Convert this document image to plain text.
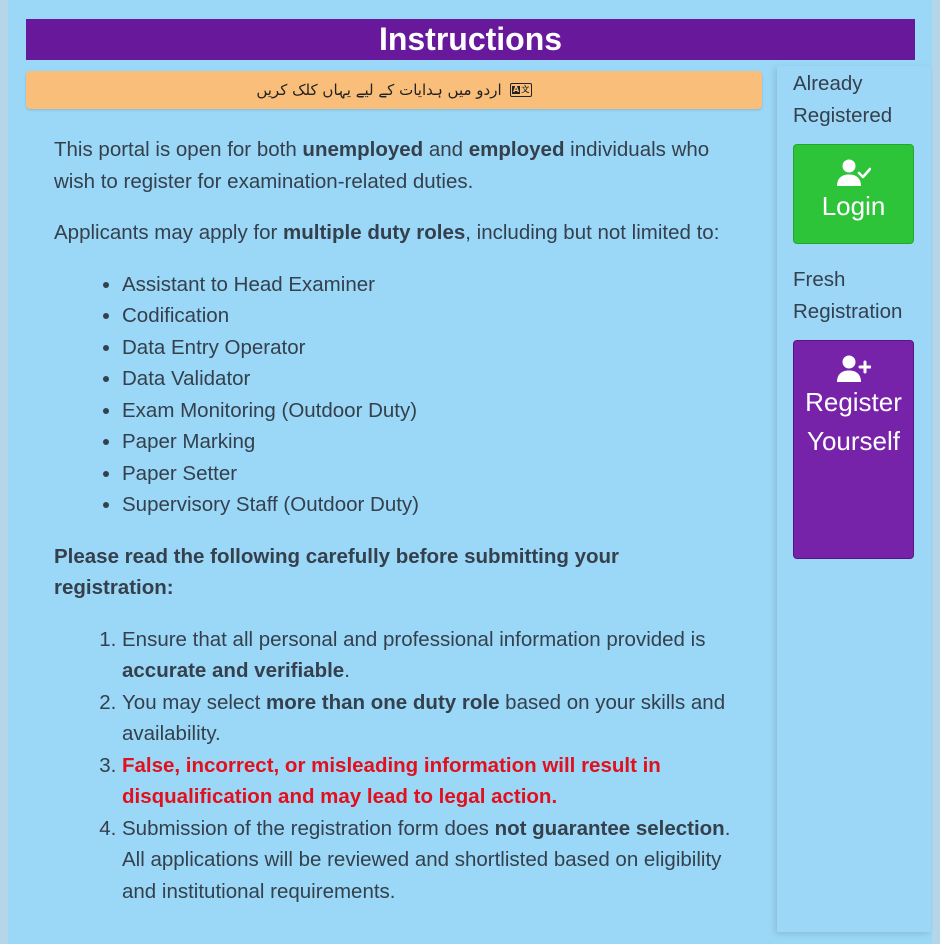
Instructions
اردو میں ہدایات کے لیے یہاں کلک کریں A 文

This portal is open for both unemployed and employed individuals who wish to register for examination-related duties.

Applicants may apply for multiple duty roles, including but not limited to:

• Assistant to Head Examiner
• Codification
• Data Entry Operator
• Data Validator
• Exam Monitoring (Outdoor Duty)
• Paper Marking
• Paper Setter
• Supervisory Staff (Outdoor Duty)

Please read the following carefully before submitting your registration:

1. Ensure that all personal and professional information provided is accurate and verifiable.
2. You may select more than one duty role based on your skills and availability.
3. False, incorrect, or misleading information will result in disqualification and may lead to legal action.
4. Submission of the registration form does not guarantee selection. All applications will be reviewed and shortlisted based on eligibility and institutional requirements.
Already Registered
Login
Fresh Registration
Register Yourself
